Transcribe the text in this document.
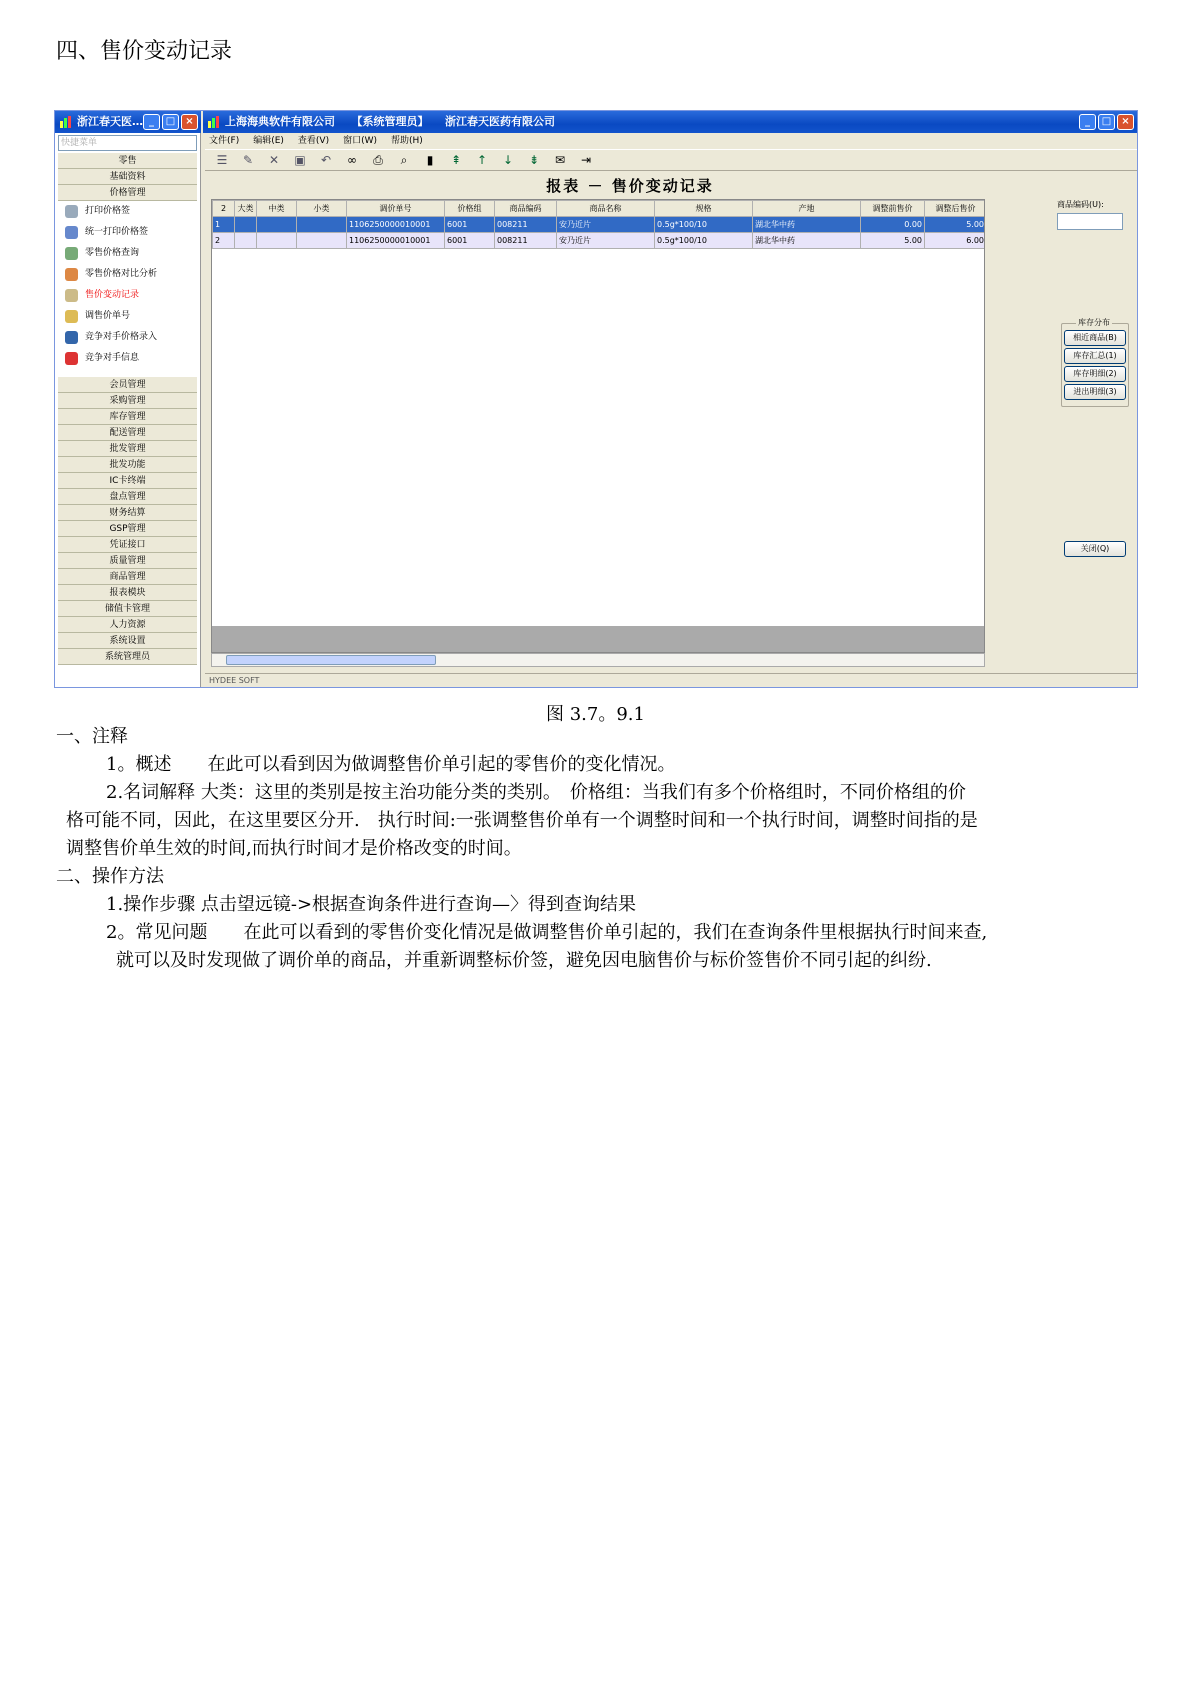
四、售价变动记录
浙江春天医… _	□	×	上海海典软件有限公司　　【系统管理员】　　浙江春天医药有限公司	_	□	×
快捷菜单
零售
基础资料
价格管理
打印价格签
统一打印价格签
零售价格查询
零售价格对比分析
售价变动记录
调售价单号
竞争对手价格录入
竞争对手信息
会员管理
采购管理
库存管理
配送管理
批发管理
批发功能
IC卡终端
盘点管理
财务结算
GSP管理
凭证接口
质量管理
商品管理
报表模块
储值卡管理
人力资源
系统设置
系统管理员
文件(F) 编辑(E) 查看(V) 窗口(W) 帮助(H)
☰ ✎ ✕ ▣ ↶ ∞ ⎙	⌕	▮	⇞ ↑ ↓ ⇟ ✉ ⇥
报表 － 售价变动记录
2	大类	中类	小类	调价单号	价格组	商品编码	商品名称	规格	产地	调整前售价	调整后售价
1				1106250000010001	6001	008211	安乃近片	0.5g*100/10	湖北华中药	0.00	5.00
2				1106250000010001	6001	008211	安乃近片	0.5g*100/10	湖北华中药	5.00	6.00
商品编码(U):
库存分布
相近商品(B)
库存汇总(1)
库存明细(2)
进出明细(3)
关闭(Q)
HYDEE SOFT
图 3.7。9.1
一、注释
1。概述　　在此可以看到因为做调整售价单引起的零售价的变化情况。
2.名词解释 大类：这里的类别是按主治功能分类的类别。　价格组：当我们有多个价格组时，不同价格组的价
格可能不同，因此，在这里要区分开.　执行时间:一张调整售价单有一个调整时间和一个执行时间，调整时间指的是
调整售价单生效的时间,而执行时间才是价格改变的时间。
二、操作方法
1.操作步骤 点击望远镜->根据查询条件进行查询—〉得到查询结果
2。常见问题　　在此可以看到的零售价变化情况是做调整售价单引起的，我们在查询条件里根据执行时间来查,
就可以及时发现做了调价单的商品，并重新调整标价签，避免因电脑售价与标价签售价不同引起的纠纷.
